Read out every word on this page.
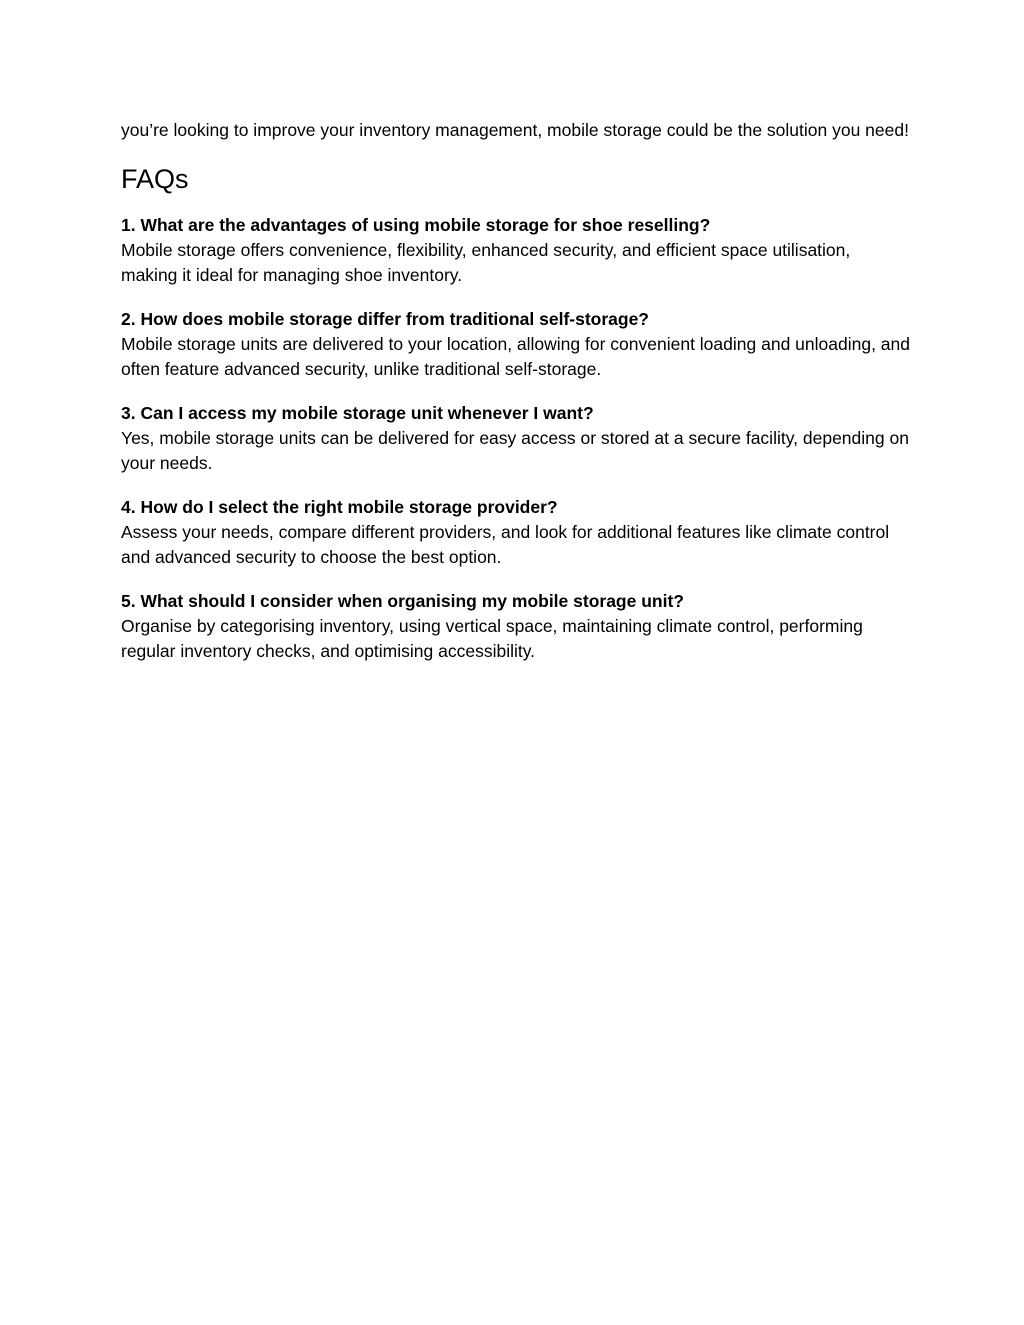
you’re looking to improve your inventory management, mobile storage could be the solution you need!

FAQs

1. What are the advantages of using mobile storage for shoe reselling?

Mobile storage offers convenience, flexibility, enhanced security, and efficient space utilisation, making it ideal for managing shoe inventory.

2. How does mobile storage differ from traditional self-storage?

Mobile storage units are delivered to your location, allowing for convenient loading and unloading, and often feature advanced security, unlike traditional self-storage.

3. Can I access my mobile storage unit whenever I want?

Yes, mobile storage units can be delivered for easy access or stored at a secure facility, depending on your needs.

4. How do I select the right mobile storage provider?

Assess your needs, compare different providers, and look for additional features like climate control and advanced security to choose the best option.

5. What should I consider when organising my mobile storage unit?

Organise by categorising inventory, using vertical space, maintaining climate control, performing regular inventory checks, and optimising accessibility.
